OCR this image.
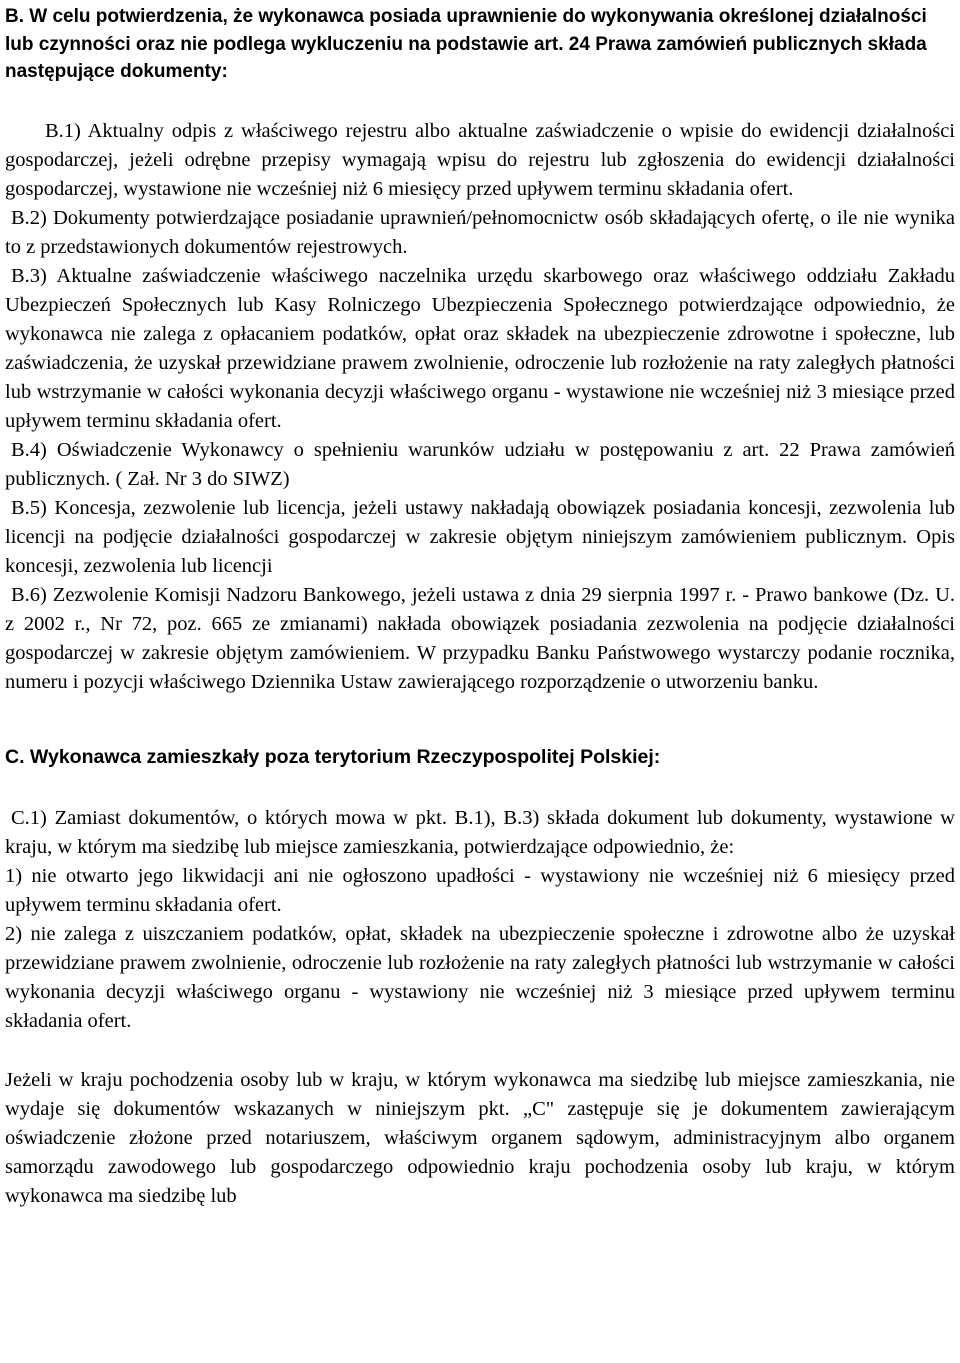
B. W celu potwierdzenia, że wykonawca posiada uprawnienie do wykonywania określonej działalności lub czynności oraz nie podlega wykluczeniu na podstawie art. 24 Prawa zamówień publicznych składa następujące dokumenty:

B.1) Aktualny odpis z właściwego rejestru albo aktualne zaświadczenie o wpisie do ewidencji działalności gospodarczej, jeżeli odrębne przepisy wymagają wpisu do rejestru lub zgłoszenia do ewidencji działalności gospodarczej, wystawione nie wcześniej niż 6 miesięcy przed upływem terminu składania ofert.

B.2) Dokumenty potwierdzające posiadanie uprawnień/pełnomocnictw osób składających ofertę, o ile nie wynika to z przedstawionych dokumentów rejestrowych.

B.3) Aktualne zaświadczenie właściwego naczelnika urzędu skarbowego oraz właściwego oddziału Zakładu Ubezpieczeń Społecznych lub Kasy Rolniczego Ubezpieczenia Społecznego potwierdzające odpowiednio, że wykonawca nie zalega z opłacaniem podatków, opłat oraz składek na ubezpieczenie zdrowotne i społeczne, lub zaświadczenia, że uzyskał przewidziane prawem zwolnienie, odroczenie lub rozłożenie na raty zaległych płatności lub wstrzymanie w całości wykonania decyzji właściwego organu - wystawione nie wcześniej niż 3 miesiące przed upływem terminu składania ofert.

B.4) Oświadczenie Wykonawcy o spełnieniu warunków udziału w postępowaniu z art. 22 Prawa zamówień publicznych. ( Zał. Nr 3 do SIWZ)

B.5) Koncesja, zezwolenie lub licencja, jeżeli ustawy nakładają obowiązek posiadania koncesji, zezwolenia lub licencji na podjęcie działalności gospodarczej w zakresie objętym niniejszym zamówieniem publicznym. Opis koncesji, zezwolenia lub licencji

B.6) Zezwolenie Komisji Nadzoru Bankowego, jeżeli ustawa z dnia 29 sierpnia 1997 r. - Prawo bankowe (Dz. U. z 2002 r., Nr 72, poz. 665 ze zmianami) nakłada obowiązek posiadania zezwolenia na podjęcie działalności gospodarczej w zakresie objętym zamówieniem. W przypadku Banku Państwowego wystarczy podanie rocznika, numeru i pozycji właściwego Dziennika Ustaw zawierającego rozporządzenie o utworzeniu banku.

C. Wykonawca zamieszkały poza terytorium Rzeczypospolitej Polskiej:

C.1) Zamiast dokumentów, o których mowa w pkt. B.1), B.3) składa dokument lub dokumenty, wystawione w kraju, w którym ma siedzibę lub miejsce zamieszkania, potwierdzające odpowiednio, że:

1) nie otwarto jego likwidacji ani nie ogłoszono upadłości - wystawiony nie wcześniej niż 6 miesięcy przed upływem terminu składania ofert.

2) nie zalega z uiszczaniem podatków, opłat, składek na ubezpieczenie społeczne i zdrowotne albo że uzyskał przewidziane prawem zwolnienie, odroczenie lub rozłożenie na raty zaległych płatności lub wstrzymanie w całości wykonania decyzji właściwego organu - wystawiony nie wcześniej niż 3 miesiące przed upływem terminu składania ofert.

Jeżeli w kraju pochodzenia osoby lub w kraju, w którym wykonawca ma siedzibę lub miejsce zamieszkania, nie wydaje się dokumentów wskazanych w niniejszym pkt. „C" zastępuje się je dokumentem zawierającym oświadczenie złożone przed notariuszem, właściwym organem sądowym, administracyjnym albo organem samorządu zawodowego lub gospodarczego odpowiednio kraju pochodzenia osoby lub kraju, w którym wykonawca ma siedzibę lub
